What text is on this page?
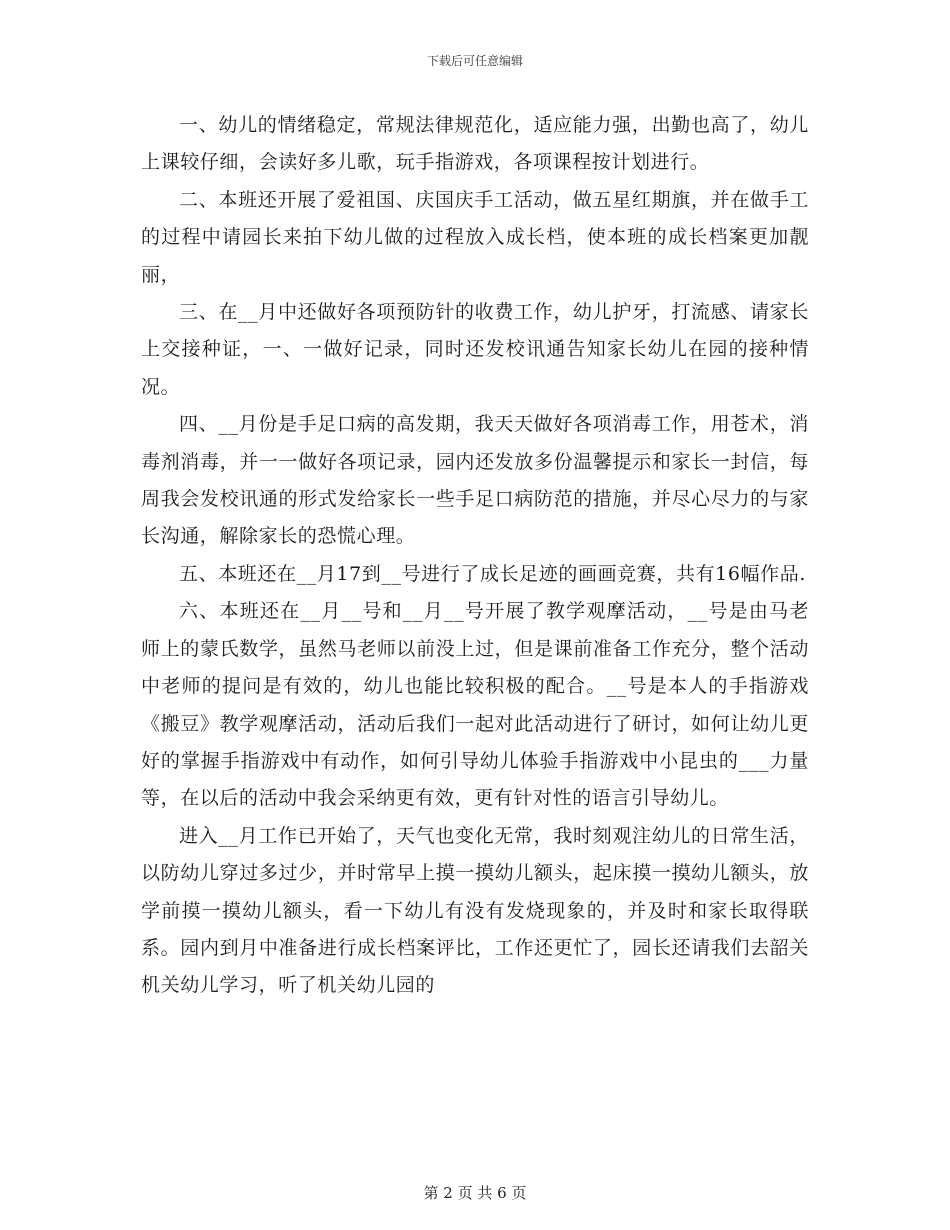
下载后可任意编辑

一、幼儿的情绪稳定，常规法律规范化，适应能力强，出勤也高了，幼儿上课较仔细，会读好多儿歌，玩手指游戏，各项课程按计划进行。

二、本班还开展了爱祖国、庆国庆手工活动，做五星红期旗，并在做手工的过程中请园长来拍下幼儿做的过程放入成长档，使本班的成长档案更加靓丽，

三、在__月中还做好各项预防针的收费工作，幼儿护牙，打流感、请家长上交接种证，一、一做好记录，同时还发校讯通告知家长幼儿在园的接种情况。

四、__月份是手足口病的高发期，我天天做好各项消毒工作，用苍术，消毒剂消毒，并一一做好各项记录，园内还发放多份温馨提示和家长一封信，每周我会发校讯通的形式发给家长一些手足口病防范的措施，并尽心尽力的与家长沟通，解除家长的恐慌心理。

五、本班还在__月17到__号进行了成长足迹的画画竞赛，共有16幅作品.

六、本班还在__月__号和__月__号开展了教学观摩活动，__号是由马老师上的蒙氏数学，虽然马老师以前没上过，但是课前准备工作充分，整个活动中老师的提问是有效的，幼儿也能比较积极的配合。__号是本人的手指游戏《搬豆》教学观摩活动，活动后我们一起对此活动进行了研讨，如何让幼儿更好的掌握手指游戏中有动作，如何引导幼儿体验手指游戏中小昆虫的___力量等，在以后的活动中我会采纳更有效，更有针对性的语言引导幼儿。

进入__月工作已开始了，天气也变化无常，我时刻观注幼儿的日常生活，以防幼儿穿过多过少，并时常早上摸一摸幼儿额头，起床摸一摸幼儿额头，放学前摸一摸幼儿额头，看一下幼儿有没有发烧现象的，并及时和家长取得联系。园内到月中准备进行成长档案评比，工作还更忙了，园长还请我们去韶关机关幼儿学习，听了机关幼儿园的

第 2 页 共 6 页
